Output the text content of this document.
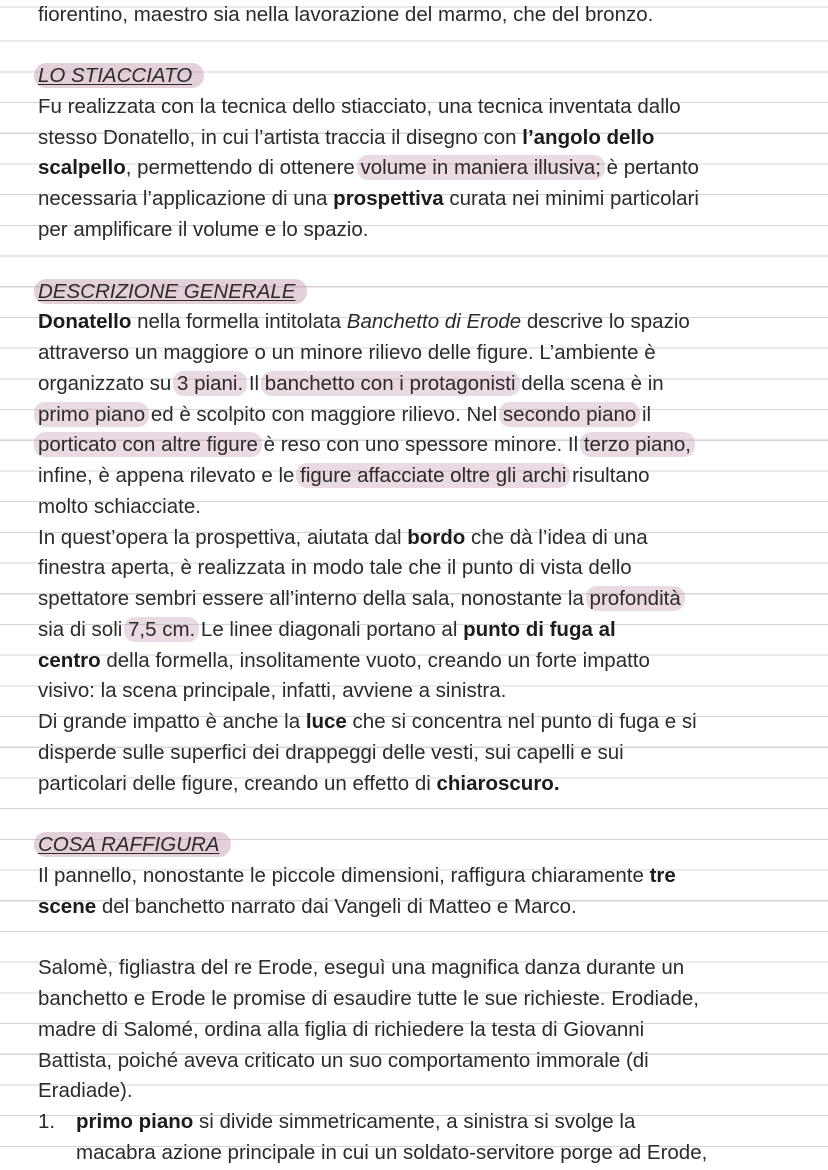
fiorentino, maestro sia nella lavorazione del marmo, che del bronzo.
LO STIACCIATO
Fu realizzata con la tecnica dello stiacciato, una tecnica inventata dallo
stesso Donatello, in cui l’artista traccia il disegno con l’angolo dello
scalpello, permettendo di ottenere volume in maniera illusiva; è pertanto
necessaria l’applicazione di una prospettiva curata nei minimi particolari
per amplificare il volume e lo spazio.
DESCRIZIONE GENERALE
Donatello nella formella intitolata Banchetto di Erode descrive lo spazio
attraverso un maggiore o un minore rilievo delle figure. L’ambiente è
organizzato su 3 piani. Il banchetto con i protagonisti della scena è in
primo piano ed è scolpito con maggiore rilievo. Nel secondo piano il
porticato con altre figure è reso con uno spessore minore. Il terzo piano,
infine, è appena rilevato e le figure affacciate oltre gli archi risultano
molto schiacciate.
In quest’opera la prospettiva, aiutata dal bordo che dà l’idea di una
finestra aperta, è realizzata in modo tale che il punto di vista dello
spettatore sembri essere all’interno della sala, nonostante la profondità
sia di soli 7,5 cm. Le linee diagonali portano al punto di fuga al
centro della formella, insolitamente vuoto, creando un forte impatto
visivo: la scena principale, infatti, avviene a sinistra.
Di grande impatto è anche la luce che si concentra nel punto di fuga e si
disperde sulle superfici dei drappeggi delle vesti, sui capelli e sui
particolari delle figure, creando un effetto di chiaroscuro.
COSA RAFFIGURA
Il pannello, nonostante le piccole dimensioni, raffigura chiaramente tre
scene del banchetto narrato dai Vangeli di Matteo e Marco.
Salomè, figliastra del re Erode, eseguì una magnifica danza durante un
banchetto e Erode le promise di esaudire tutte le sue richieste. Erodiade,
madre di Salomé, ordina alla figlia di richiedere la testa di Giovanni
Battista, poiché aveva criticato un suo comportamento immorale (di
Eradiade).
1. primo piano si divide simmetricamente, a sinistra si svolge la
macabra azione principale in cui un soldato-servitore porge ad Erode,
